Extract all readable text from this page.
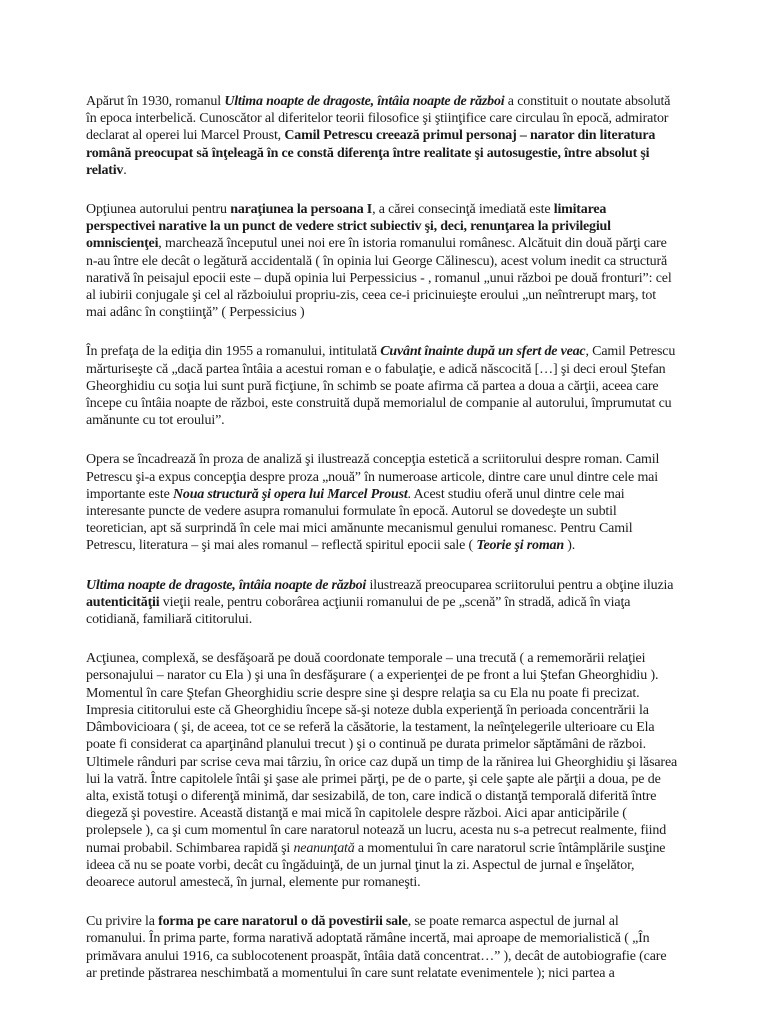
Apărut în 1930, romanul Ultima noapte de dragoste, întâia noapte de război a constituit o noutate absolută în epoca interbelică. Cunoscător al diferitelor teorii filosofice şi ştiinţifice care circulau în epocă, admirator declarat al operei lui Marcel Proust, Camil Petrescu creează primul personaj – narator din literatura română preocupat să înţeleagă în ce constă diferenţa între realitate şi autosugestie, între absolut şi relativ.

Opţiunea autorului pentru naraţiunea la persoana I, a cărei consecinţă imediată este limitarea perspectivei narative la un punct de vedere strict subiectiv şi, deci, renunţarea la privilegiul omniscienţei, marchează începutul unei noi ere în istoria romanului românesc. Alcătuit din două părţi care n-au între ele decât o legătură accidentală ( în opinia lui George Călinescu), acest volum inedit ca structură narativă în peisajul epocii este – după opinia lui Perpessicius - , romanul „unui război pe două fronturi”: cel al iubirii conjugale şi cel al războiului propriu-zis, ceea ce-i pricinuieşte eroului „un neîntrerupt marş, tot mai adânc în conştiinţă” ( Perpessicius )

În prefaţa de la ediţia din 1955 a romanului, intitulată Cuvânt înainte după un sfert de veac, Camil Petrescu mărturiseşte că „dacă partea întâia a acestui roman e o fabulaţie, e adică născocită […] şi deci eroul Ştefan Gheorghidiu cu soţia lui sunt pură ficţiune, în schimb se poate afirma că partea a doua a cărţii, aceea care începe cu întâia noapte de război, este construită după memorialul de companie al autorului, împrumutat cu amănunte cu tot eroului”.

Opera se încadrează în proza de analiză şi ilustrează concepţia estetică a scriitorului despre roman. Camil Petrescu şi-a expus concepţia despre proza „nouă” în numeroase articole, dintre care unul dintre cele mai importante este Noua structură şi opera lui Marcel Proust. Acest studiu oferă unul dintre cele mai interesante puncte de vedere asupra romanului formulate în epocă. Autorul se dovedeşte un subtil teoretician, apt să surprindă în cele mai mici amănunte mecanismul genului romanesc. Pentru Camil Petrescu, literatura – şi mai ales romanul – reflectă spiritul epocii sale ( Teorie şi roman ).

Ultima noapte de dragoste, întâia noapte de război ilustrează preocuparea scriitorului pentru a obţine iluzia autenticităţii vieţii reale, pentru coborârea acţiunii romanului de pe „scenă” în stradă, adică în viaţa cotidiană, familiară cititorului.

Acţiunea, complexă, se desfăşoară pe două coordonate temporale – una trecută ( a rememorării relaţiei personajului – narator cu Ela ) şi una în desfăşurare ( a experienţei de pe front a lui Ştefan Gheorghidiu ). Momentul în care Ştefan Gheorghidiu scrie despre sine şi despre relaţia sa cu Ela nu poate fi precizat. Impresia cititorului este că Gheorghidiu începe să-şi noteze dubla experienţă în perioada concentrării la Dâmbovicioara ( şi, de aceea, tot ce se referă la căsătorie, la testament, la neînţelegerile ulterioare cu Ela poate fi considerat ca aparţinând planului trecut ) şi o continuă pe durata primelor săptămâni de război. Ultimele rânduri par scrise ceva mai târziu, în orice caz după un timp de la rănirea lui Gheorghidiu şi lăsarea lui la vatră. Între capitolele întâi şi şase ale primei părţi, pe de o parte, şi cele şapte ale părţii a doua, pe de alta, există totuşi o diferenţă minimă, dar sesizabilă, de ton, care indică o distanţă temporală diferită între diegeză şi povestire. Această distanţă e mai mică în capitolele despre război. Aici apar anticipările ( prolepsele ), ca şi cum momentul în care naratorul notează un lucru, acesta nu s-a petrecut realmente, fiind numai probabil. Schimbarea rapidă şi neanunţată a momentului în care naratorul scrie întâmplările susţine ideea că nu se poate vorbi, decât cu îngăduinţă, de un jurnal ţinut la zi. Aspectul de jurnal e înşelător, deoarece autorul amestecă, în jurnal, elemente pur romaneşti.

Cu privire la forma pe care naratorul o dă povestirii sale, se poate remarca aspectul de jurnal al romanului. În prima parte, forma narativă adoptată rămâne incertă, mai aproape de memorialistică ( „În primăvara anului 1916, ca sublocotenent proaspăt, întâia dată concentrat…” ), decât de autobiografie (care ar pretinde păstrarea neschimbată a momentului în care sunt relatate evenimentele ); nici partea a
